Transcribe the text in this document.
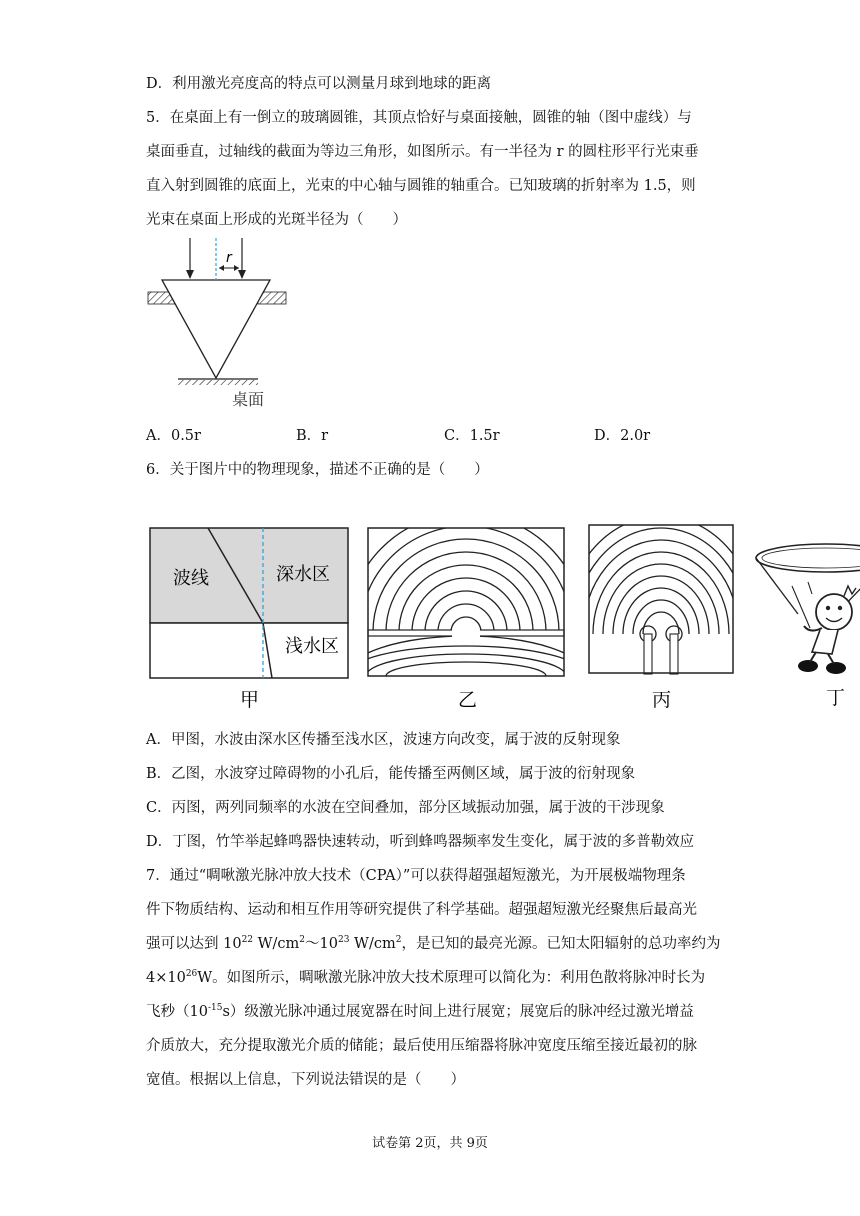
D．利用激光亮度高的特点可以测量月球到地球的距离
5．在桌面上有一倒立的玻璃圆锥，其顶点恰好与桌面接触，圆锥的轴（图中虚线）与
桌面垂直，过轴线的截面为等边三角形，如图所示。有一半径为 r 的圆柱形平行光束垂
直入射到圆锥的底面上，光束的中心轴与圆锥的轴重合。已知玻璃的折射率为 1.5，则
光束在桌面上形成的光斑半径为（　　）
r
桌面
A．0.5r	B．r	C．1.5r	D．2.0r
6．关于图片中的物理现象，描述不正确的是（　　）
波线	深水区
浅水区
甲	乙	丙	丁
A．甲图，水波由深水区传播至浅水区，波速方向改变，属于波的反射现象
B．乙图，水波穿过障碍物的小孔后，能传播至两侧区域，属于波的衍射现象
C．丙图，两列同频率的水波在空间叠加，部分区域振动加强，属于波的干涉现象
D．丁图，竹竿举起蜂鸣器快速转动，听到蜂鸣器频率发生变化，属于波的多普勒效应
7．通过“啁啾激光脉冲放大技术（CPA）”可以获得超强超短激光，为开展极端物理条
件下物质结构、运动和相互作用等研究提供了科学基础。超强超短激光经聚焦后最高光
强可以达到 $10^{22}$ $W/cm^2\sim 10^{23}$ $W/cm^2$，是已知的最亮光源。已知太阳辐射的总功率约为
$4\times 10^{26}W$。如图所示，啁啾激光脉冲放大技术原理可以简化为：利用色散将脉冲时长为
飞秒$(10^{-15}s)$级激光脉冲通过展宽器在时间上进行展宽；展宽后的脉冲经过激光增益
介质放大，充分提取激光介质的储能；最后使用压缩器将脉冲宽度压缩至接近最初的脉
宽值。根据以上信息，下列说法错误的是（　　）
试卷第 2页，共 9页
